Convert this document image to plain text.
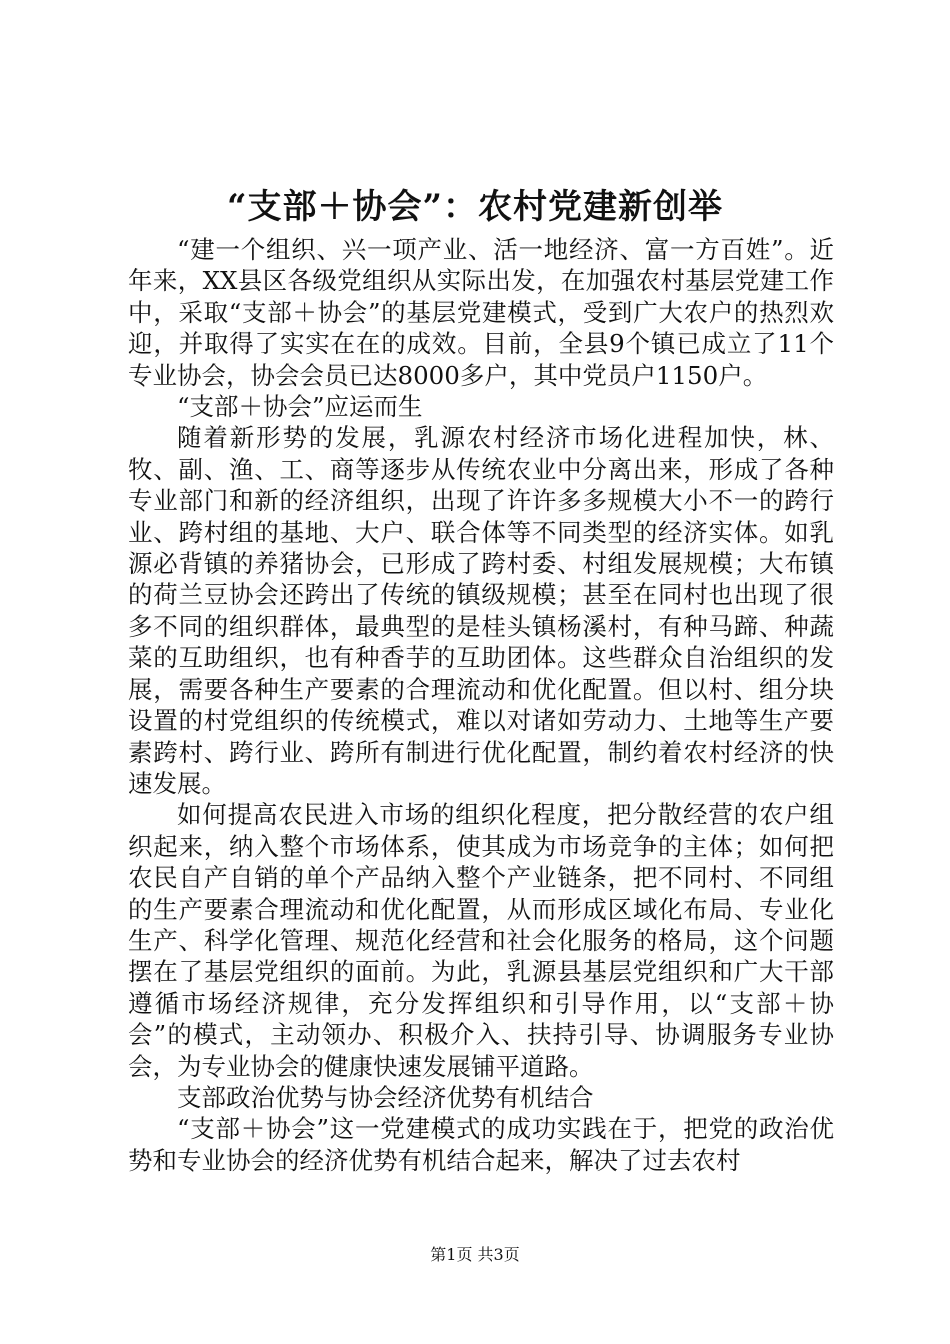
“支部＋协会”：农村党建新创举

“建一个组织、兴一项产业、活一地经济、富一方百姓”。近年来，XX县区各级党组织从实际出发，在加强农村基层党建工作中，采取“支部＋协会”的基层党建模式，受到广大农户的热烈欢迎，并取得了实实在在的成效。目前，全县9个镇已成立了11个专业协会，协会会员已达8000多户，其中党员户1150户。

“支部＋协会”应运而生

随着新形势的发展，乳源农村经济市场化进程加快，林、牧、副、渔、工、商等逐步从传统农业中分离出来，形成了各种专业部门和新的经济组织，出现了许许多多规模大小不一的跨行业、跨村组的基地、大户、联合体等不同类型的经济实体。如乳源必背镇的养猪协会，已形成了跨村委、村组发展规模；大布镇的荷兰豆协会还跨出了传统的镇级规模；甚至在同村也出现了很多不同的组织群体，最典型的是桂头镇杨溪村，有种马蹄、种蔬菜的互助组织，也有种香芋的互助团体。这些群众自治组织的发展，需要各种生产要素的合理流动和优化配置。但以村、组分块设置的村党组织的传统模式，难以对诸如劳动力、土地等生产要素跨村、跨行业、跨所有制进行优化配置，制约着农村经济的快速发展。

如何提高农民进入市场的组织化程度，把分散经营的农户组织起来，纳入整个市场体系，使其成为市场竞争的主体；如何把农民自产自销的单个产品纳入整个产业链条，把不同村、不同组的生产要素合理流动和优化配置，从而形成区域化布局、专业化生产、科学化管理、规范化经营和社会化服务的格局，这个问题摆在了基层党组织的面前。为此，乳源县基层党组织和广大干部遵循市场经济规律，充分发挥组织和引导作用，以“支部＋协会”的模式，主动领办、积极介入、扶持引导、协调服务专业协会，为专业协会的健康快速发展铺平道路。

支部政治优势与协会经济优势有机结合

“支部＋协会”这一党建模式的成功实践在于，把党的政治优势和专业协会的经济优势有机结合起来，解决了过去农村

第1页 共3页
